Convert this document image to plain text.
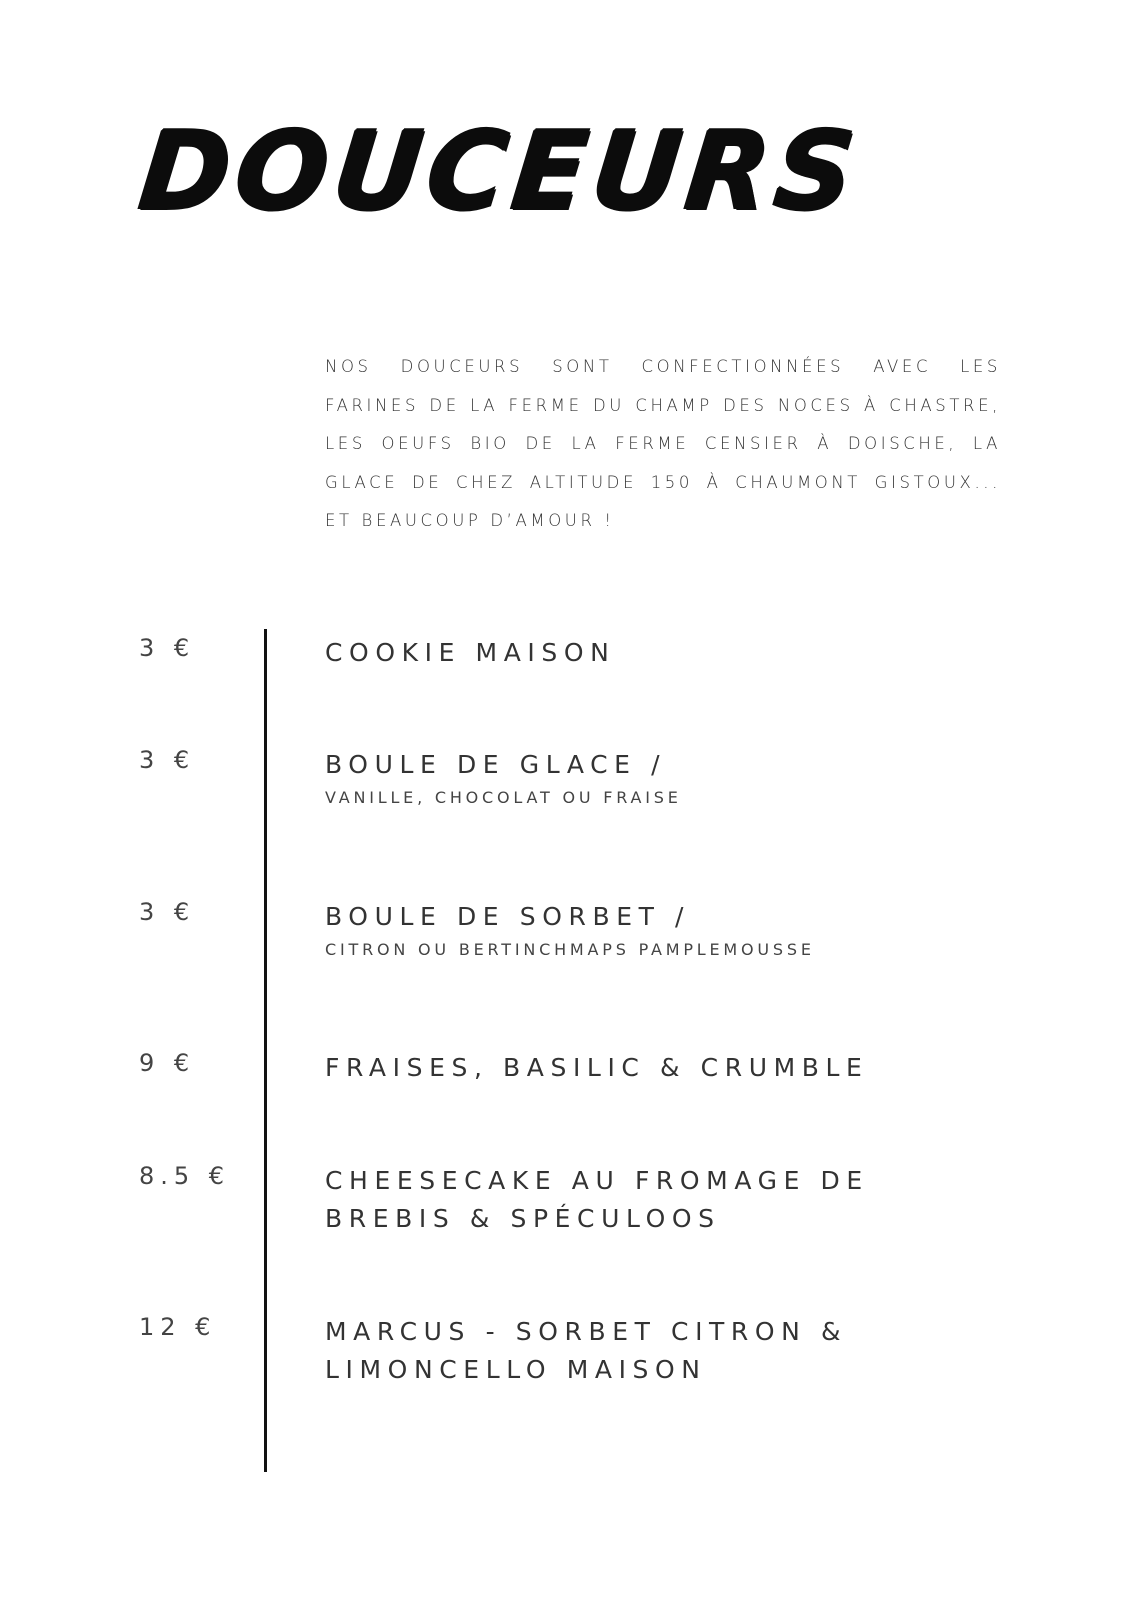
DOUCEURS

NOS DOUCEURS SONT CONFECTIONNÉES AVEC LES FARINES DE LA FERME DU CHAMP DES NOCES À CHASTRE, LES OEUFS BIO DE LA FERME CENSIER À DOISCHE, LA GLACE DE CHEZ ALTITUDE 150 À CHAUMONT GISTOUX... ET BEAUCOUP D’AMOUR !

3 €	COOKIE MAISON
3 €	BOULE DE GLACE /
VANILLE, CHOCOLAT OU FRAISE
3 €	BOULE DE SORBET /
CITRON OU BERTINCHMAPS PAMPLEMOUSSE
9 €	FRAISES, BASILIC & CRUMBLE
8.5 €	CHEESECAKE AU FROMAGE DE BREBIS & SPÉCULOOS
12 €	MARCUS - SORBET CITRON & LIMONCELLO MAISON
